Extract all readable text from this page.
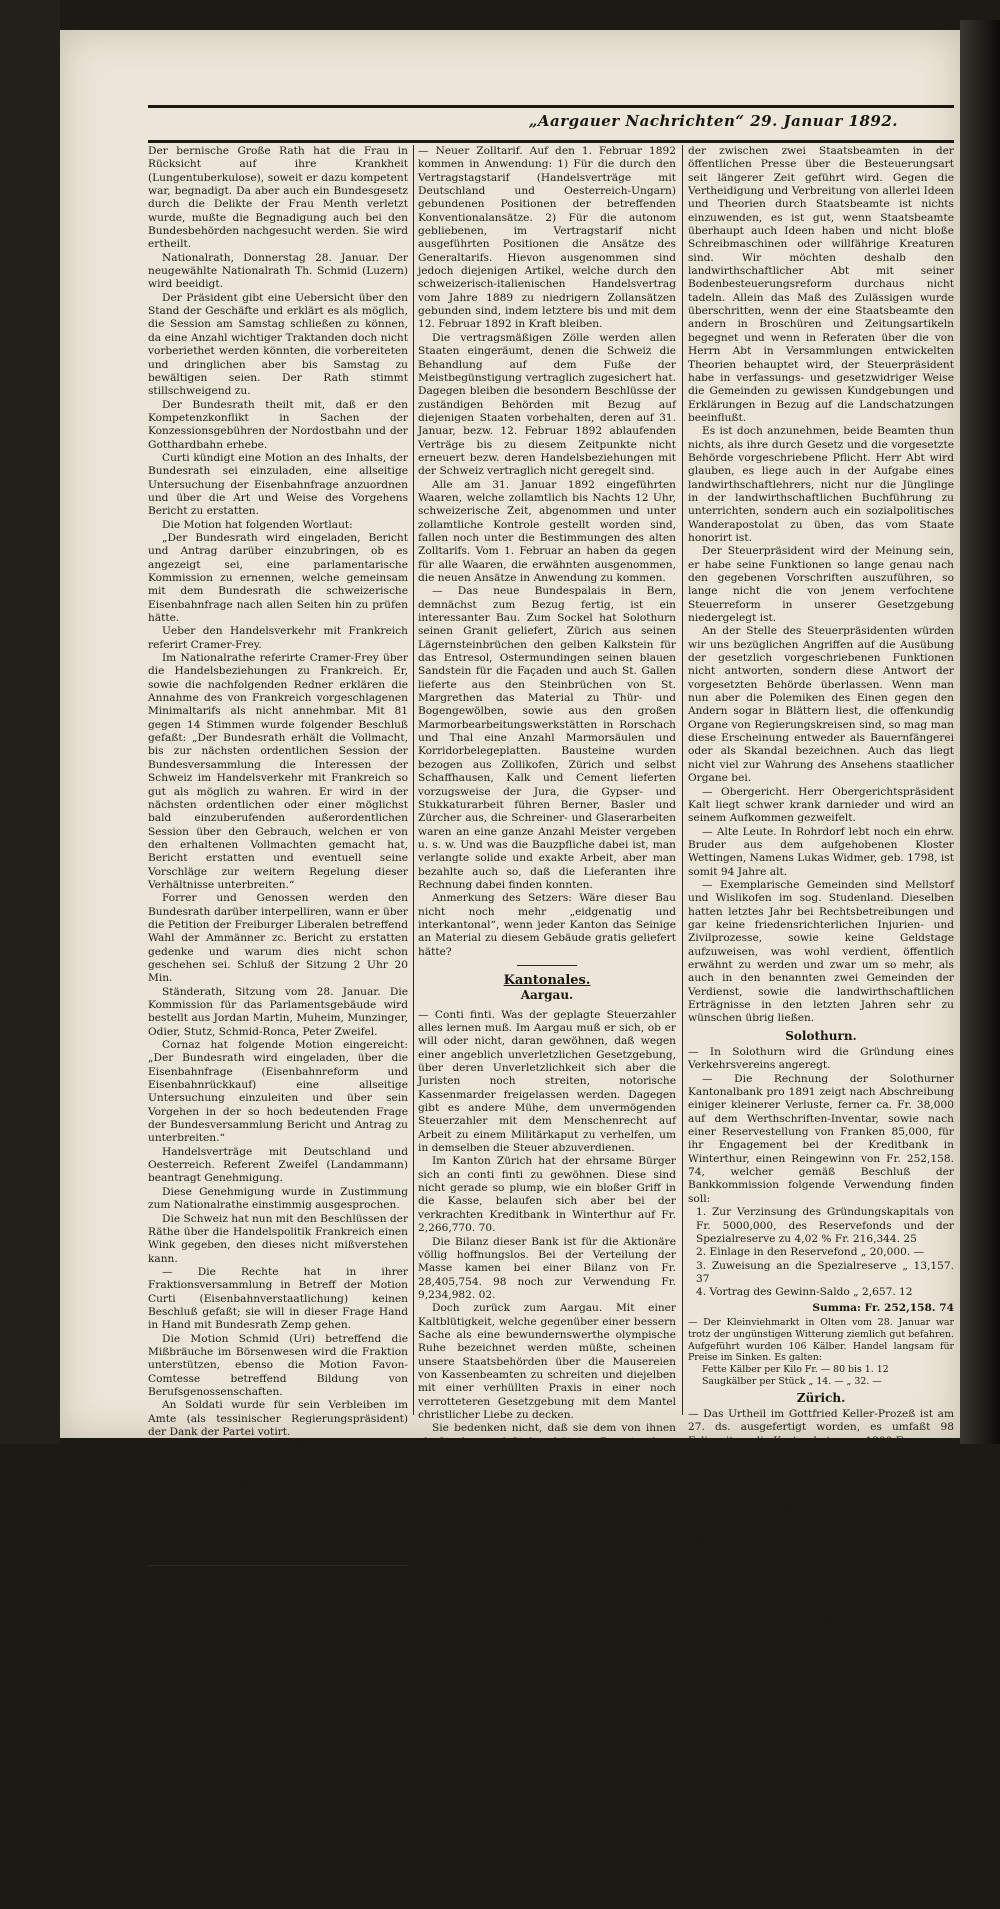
„Aargauer Nachrichten“ 29. Januar 1892.

Der bernische Große Rath hat die Frau in Rücksicht auf ihre Krankheit (Lungentuberkulose), soweit er dazu kompetent war, begnadigt. Da aber auch ein Bundesgesetz durch die Delikte der Frau Menth verletzt wurde, mußte die Begnadigung auch bei den Bundesbehörden nachgesucht werden. Sie wird ertheilt.

Nationalrath, Donnerstag 28. Januar. Der neugewählte Nationalrath Th. Schmid (Luzern) wird beeidigt.

Der Präsident gibt eine Uebersicht über den Stand der Geschäfte und erklärt es als möglich, die Session am Samstag schließen zu können, da eine Anzahl wichtiger Traktanden doch nicht vorberiethet werden könnten, die vorbereiteten und dringlichen aber bis Samstag zu bewältigen seien. Der Rath stimmt stillschweigend zu.

Der Bundesrath theilt mit, daß er den Kompetenzkonflikt in Sachen der Konzessionsgebühren der Nordostbahn und der Gotthardbahn erhebe.

Curti kündigt eine Motion an des Inhalts, der Bundesrath sei einzuladen, eine allseitige Untersuchung der Eisenbahnfrage anzuordnen und über die Art und Weise des Vorgehens Bericht zu erstatten.

Die Motion hat folgenden Wortlaut:

„Der Bundesrath wird eingeladen, Bericht und Antrag darüber einzubringen, ob es angezeigt sei, eine parlamentarische Kommission zu ernennen, welche gemeinsam mit dem Bundesrath die schweizerische Eisenbahnfrage nach allen Seiten hin zu prüfen hätte.

Ueber den Handelsverkehr mit Frankreich referirt Cramer-Frey.

Im Nationalrathe referirte Cramer-Frey über die Handelsbeziehungen zu Frankreich. Er, sowie die nachfolgenden Redner erklären die Annahme des von Frankreich vorgeschlagenen Minimaltarifs als nicht annehmbar. Mit 81 gegen 14 Stimmen wurde folgender Beschluß gefaßt: „Der Bundesrath erhält die Vollmacht, bis zur nächsten ordentlichen Session der Bundesversammlung die Interessen der Schweiz im Handelsverkehr mit Frankreich so gut als möglich zu wahren. Er wird in der nächsten ordentlichen oder einer möglichst bald einzuberufenden außerordentlichen Session über den Gebrauch, welchen er von den erhaltenen Vollmachten gemacht hat, Bericht erstatten und eventuell seine Vorschläge zur weitern Regelung dieser Verhältnisse unterbreiten.“

Forrer und Genossen werden den Bundesrath darüber interpelliren, wann er über die Petition der Freiburger Liberalen betreffend Wahl der Ammänner zc. Bericht zu erstatten gedenke und warum dies nicht schon geschehen sei. Schluß der Sitzung 2 Uhr 20 Min.

Ständerath, Sitzung vom 28. Januar. Die Kommission für das Parlamentsgebäude wird bestellt aus Jordan Martin, Muheim, Munzinger, Odier, Stutz, Schmid-Ronca, Peter Zweifel.

Cornaz hat folgende Motion eingereicht: „Der Bundesrath wird eingeladen, über die Eisenbahnfrage (Eisenbahnreform und Eisenbahnrückkauf) eine allseitige Untersuchung einzuleiten und über sein Vorgehen in der so hoch bedeutenden Frage der Bundesversammlung Bericht und Antrag zu unterbreiten.“

Handelsverträge mit Deutschland und Oesterreich. Referent Zweifel (Landammann) beantragt Genehmigung.

Diese Genehmigung wurde in Zustimmung zum Nationalrathe einstimmig ausgesprochen.

Die Schweiz hat nun mit den Beschlüssen der Räthe über die Handelspolitik Frankreich einen Wink gegeben, den dieses nicht mißverstehen kann.

— Die Rechte hat in ihrer Fraktionsversammlung in Betreff der Motion Curti (Eisenbahnverstaatlichung) keinen Beschluß gefaßt; sie will in dieser Frage Hand in Hand mit Bundesrath Zemp gehen.

Die Motion Schmid (Uri) betreffend die Mißbräuche im Börsenwesen wird die Fraktion unterstützen, ebenso die Motion Favon-Comtesse betreffend Bildung von Berufsgenossenschaften.

An Soldati wurde für sein Verbleiben im Amte (als tessinischer Regierungspräsident) der Dank der Partei votirt.

— Bundesstadt. Die Linke hielt am 28. d. eine Gruppenversammlung ab. Es wurde eine Motion angenommen, die dahin geht, vom Bundesrath Auskunft darüber zu verlangen, was er in Sachen der Eisenbahnverstaatlichung vorzukehren gedenke.

Die Einsetzung eines parlamentarischen Eisenbahnausschusses, wie Curti ihn vorgeschlagen hatte, wurde abgelehnt.

früheren Realisirung seines Rachplanes — und die Ausführung war der Zweck seiner Rückkehr, die er nicht um einen Tag verschieben wollte. Man hat constatirt, daß er erst Morgens das Zuchthaus verließ.

Marie saß, in ihren Divan zurückgelehnt, unbeweglich da. Ihr Auge hing mit dem Ausdruck eines starren Schreckens auf den Lippen ihres Vaters, der im Eifer seiner Rede gar nicht bemerkte, welchen mächtigen Eindruck dieselbe auf seine Zuhörerin äußerte. Er war ganz von der Empfindung seines Abscheus erfüllt.

„Ja, man muß die bittersten Erfahrungen im Leben machen, um seine unglückseligen Täuschungen, Erfahrungen, die einem Graukopfe, wie mir, neu sind und deshalb doppelt schmerzlich und verbitternd wirken! — Weißt Du, wer heute Morgen die Ursache jenes Brandes war, der den armen Mann von den entsetzlichsten Folgen hätte begleitet sein können? — Weißt Du, wer dieses Feuer in boshaftester Absicht, nach einem wohlüberdachten Rachplane, gelegt hat?“

Marie sprang rasch von ihrem Sitze auf. Sie wußte genau, was sie für eine Antwort auf diese so unerwartete Frage in der Erbitterung ihres Vaters geben würde, die er täuschte doch so gräßlich, als wollte ihr Leben an der Entscheidung der Antwort hängen. Herr Sendler erschrack über den unheimlichen Ausdruck ihres Gesichtes und ängstlich sah er sie an.

— Neuer Zolltarif. Auf den 1. Februar 1892 kommen in Anwendung: 1) Für die durch den Vertragstagstarif (Handelsverträge mit Deutschland und Oesterreich-Ungarn) gebundenen Positionen der betreffenden Konventionalansätze. 2) Für die autonom gebliebenen, im Vertragstarif nicht ausgeführten Positionen die Ansätze des Generaltarifs. Hievon ausgenommen sind jedoch diejenigen Artikel, welche durch den schweizerisch-italienischen Handelsvertrag vom Jahre 1889 zu niedrigern Zollansätzen gebunden sind, indem letztere bis und mit dem 12. Februar 1892 in Kraft bleiben.

Die vertragsmäßigen Zölle werden allen Staaten eingeräumt, denen die Schweiz die Behandlung auf dem Fuße der Meistbegünstigung vertraglich zugesichert hat. Dagegen bleiben die besondern Beschlüsse der zuständigen Behörden mit Bezug auf diejenigen Staaten vorbehalten, deren auf 31. Januar, bezw. 12. Februar 1892 ablaufenden Verträge bis zu diesem Zeitpunkte nicht erneuert bezw. deren Handelsbeziehungen mit der Schweiz vertraglich nicht geregelt sind.

Alle am 31. Januar 1892 eingeführten Waaren, welche zollamtlich bis Nachts 12 Uhr, schweizerische Zeit, abgenommen und unter zollamtliche Kontrole gestellt worden sind, fallen noch unter die Bestimmungen des alten Zolltarifs. Vom 1. Februar an haben da gegen für alle Waaren, die erwähnten ausgenommen, die neuen Ansätze in Anwendung zu kommen.

— Das neue Bundespalais in Bern, demnächst zum Bezug fertig, ist ein interessanter Bau. Zum Sockel hat Solothurn seinen Granit geliefert, Zürich aus seinen Lägernsteinbrüchen den gelben Kalkstein für das Entresol, Ostermundingen seinen blauen Sandstein für die Façaden und auch St. Gallen lieferte aus den Steinbrüchen von St. Margrethen das Material zu Thür- und Bogengewölben, sowie aus den großen Marmorbearbeitungswerkstätten in Rorschach und Thal eine Anzahl Marmorsäulen und Korridorbelegeplatten. Bausteine wurden bezogen aus Zollikofen, Zürich und selbst Schaffhausen, Kalk und Cement lieferten vorzugsweise der Jura, die Gypser- und Stukkaturarbeit führen Berner, Basler und Zürcher aus, die Schreiner- und Glaserarbeiten waren an eine ganze Anzahl Meister vergeben u. s. w. Und was die Bauzpfliche dabei ist, man verlangte solide und exakte Arbeit, aber man bezahlte auch so, daß die Lieferanten ihre Rechnung dabei finden konnten.

Anmerkung des Setzers: Wäre dieser Bau nicht noch mehr „eidgenatig und interkantonal“, wenn jeder Kanton das Seinige an Material zu diesem Gebäude gratis geliefert hätte?

Kantonales.
Aargau.

— Conti finti. Was der geplagte Steuerzahler alles lernen muß. Im Aargau muß er sich, ob er will oder nicht, daran gewöhnen, daß wegen einer angeblich unverletzlichen Gesetzgebung, über deren Unverletzlichkeit sich aber die Juristen noch streiten, notorische Kassenmarder freigelassen werden. Dagegen gibt es andere Mühe, dem unvermögenden Steuerzahler mit dem Menschenrecht auf Arbeit zu einem Militärkaput zu verhelfen, um in demselben die Steuer abzuverdienen.

Im Kanton Zürich hat der ehrsame Bürger sich an conti finti zu gewöhnen. Diese sind nicht gerade so plump, wie ein bloßer Griff in die Kasse, belaufen sich aber bei der verkrachten Kreditbank in Winterthur auf Fr. 2,266,770. 70.

Die Bilanz dieser Bank ist für die Aktionäre völlig hoffnungslos. Bei der Verteilung der Masse kamen bei einer Bilanz von Fr. 28,405,754. 98 noch zur Verwendung Fr. 9,234,982. 02.

Doch zurück zum Aargau. Mit einer Kaltblütigkeit, welche gegenüber einer bessern Sache als eine bewundernswerthe olympische Ruhe bezeichnet werden müßte, scheinen unsere Staatsbehörden über die Mausereien von Kassenbeamten zu schreiten und diejelben mit einer verhüllten Praxis in einer noch verrotteteren Gesetzgebung mit dem Mantel christlicher Liebe zu decken.

Sie bedenken nicht, daß sie dem von ihnen als Stecken und Stab gehüteten Beamtenthum hiemit einen so schlechten Dienst erweisen, wie ihn der ärgste Gegner der Beamten nicht üben könnte. Sie bedenken nicht, daß unter den heurigen Verhältnissen, wo es im Volk draußen über diese Geschichten grollt und wie das Volk hier raschere Abhülfe will, als in einer an sich ja zweckmäßigen, aber lange nicht so bringlichen Frage, wie eine solche z. B. die Reglementirung der Naturalverpflegung ist.

In diesem Punkte weiß sich am Ende jeder Bürger ohne einen Verpflegungssport zu kultiviren, gegenüber fahrenden Strolchen selbst zu helfen, indem er ihnen die Thüre weist, oder sie zur Arbeit selbst anhält.

Conti finti! Es ließen uns schreiben vor, nach welchen bei den letzten Steuerzahlungen mancher Steuerzahler seiner Entrüstung in den Worten Luft machte: „Welcher Beamte wird meine Quote mausen?“

Wie sind auf einem gefährlichen Punkt angelangt, auf dem Punkte, wo das Ansehen der staatlichen Organe zu schwinden droht. Unser Große Rath hat schon manchen Tag mit nichtigern Dingen zugebracht, als z. B. eine Beschäftigung mit den oben berührten Angelegenheiten wäre. Es ist seine Pflicht, hierin rasch und entschieden etwas zu thun.

Conti finti! Ebenso Aufsehen macht der Streit,

der zwischen zwei Staatsbeamten in der öffentlichen Presse über die Besteuerungsart seit längerer Zeit geführt wird. Gegen die Vertheidigung und Verbreitung von allerlei Ideen und Theorien durch Staatsbeamte ist nichts einzuwenden, es ist gut, wenn Staatsbeamte überhaupt auch Ideen haben und nicht bloße Schreibmaschinen oder willfährige Kreaturen sind. Wir möchten deshalb den landwirthschaftlicher Abt mit seiner Bodenbesteuerungsreform durchaus nicht tadeln. Allein das Maß des Zulässigen wurde überschritten, wenn der eine Staatsbeamte den andern in Broschüren und Zeitungsartikeln begegnet und wenn in Referaten über die von Herrn Abt in Versammlungen entwickelten Theorien behauptet wird, der Steuerpräsident habe in verfassungs- und gesetzwidriger Weise die Gemeinden zu gewissen Kundgebungen und Erklärungen in Bezug auf die Landschatzungen beeinflußt.

Es ist doch anzunehmen, beide Beamten thun nichts, als ihre durch Gesetz und die vorgesetzte Behörde vorgeschriebene Pflicht. Herr Abt wird glauben, es liege auch in der Aufgabe eines landwirthschaftlehrers, nicht nur die Jünglinge in der landwirthschaftlichen Buchführung zu unterrichten, sondern auch ein sozialpolitisches Wanderapostolat zu üben, das vom Staate honorirt ist.

Der Steuerpräsident wird der Meinung sein, er habe seine Funktionen so lange genau nach den gegebenen Vorschriften auszuführen, so lange nicht die von jenem verfochtene Steuerreform in unserer Gesetzgebung niedergelegt ist.

An der Stelle des Steuerpräsidenten würden wir uns bezüglichen Angriffen auf die Ausübung der gesetzlich vorgeschriebenen Funktionen nicht antworten, sondern diese Antwort der vorgesetzten Behörde überlassen. Wenn man nun aber die Polemiken des Einen gegen den Andern sogar in Blättern liest, die offenkundig Organe von Regierungskreisen sind, so mag man diese Erscheinung entweder als Bauernfängerei oder als Skandal bezeichnen. Auch das liegt nicht viel zur Wahrung des Ansehens staatlicher Organe bei.

— Obergericht. Herr Obergerichtspräsident Kalt liegt schwer krank darnieder und wird an seinem Aufkommen gezweifelt.

— Alte Leute. In Rohrdorf lebt noch ein ehrw. Bruder aus dem aufgehobenen Kloster Wettingen, Namens Lukas Widmer, geb. 1798, ist somit 94 Jahre alt.

— Exemplarische Gemeinden sind Mellstorf und Wislikofen im sog. Studenland. Dieselben hatten letztes Jahr bei Rechtsbetreibungen und gar keine friedensrichterlichen Injurien- und Zivilprozesse, sowie keine Geldstage aufzuweisen, was wohl verdient, öffentlich erwähnt zu werden und zwar um so mehr, als auch in den benannten zwei Gemeinden der Verdienst, sowie die landwirthschaftlichen Erträgnisse in den letzten Jahren sehr zu wünschen übrig ließen.

Solothurn.

— In Solothurn wird die Gründung eines Verkehrsvereins angeregt.

— Die Rechnung der Solothurner Kantonalbank pro 1891 zeigt nach Abschreibung einiger kleinerer Verluste, ferner ca. Fr. 38,000 auf dem Werthschriften-Inventar, sowie nach einer Reservestellung von Franken 85,000, für ihr Engagement bei der Kreditbank in Winterthur, einen Reingewinn von Fr. 252,158. 74, welcher gemäß Beschluß der Bankkommission folgende Verwendung finden soll:

1. Zur Verzinsung des Gründungskapitals von Fr. 5000,000, des Reservefonds und der Spezialreserve zu 4,02 % Fr. 216,344. 25

2. Einlage in den Reservefond „ 20,000. —

3. Zuweisung an die Spezialreserve „ 13,157. 37

4. Vortrag des Gewinn-Saldo „ 2,657. 12

Summa: Fr. 252,158. 74

— Der Kleinviehmarkt in Olten vom 28. Januar war trotz der ungünstigen Witterung ziemlich gut befahren. Aufgeführt wurden 106 Kälber. Handel langsam für Preise im Sinken. Es galten:

Fette Kälber per Kilo Fr. — 80 bis 1. 12

Saugkälber per Stück „ 14. — „ 32. —

Zürich.

— Das Urtheil im Gottfried Keller-Prozeß ist am 27. ds. ausgefertigt worden, es umfaßt 98 Folioseiten, die Kosten betragen 1300 Fr.

— Der Bankrath hat das Gesuch des Bauernbundes, die Kantonalbank solle den Zinsfuß für Hypothekar-Darlehen von 4 auf 3½ % herabsetzen, abgewiesen.

Baselstadt.

— Die Redaktion der „Basler Nachr.“ hat die 1885 bewohnten Räumlichkeiten am Gerbergäßlein verlassen, wo sie den zweiten Stock einnimmt. Zur Verbindung der Redaktion, des Verlegers und des Faktors mit der Druckerei ist auf die Länge von 15 Meter eine Rohrpost eingerichtet, die auf pneumatischem Wege Korrespondenzen, Manuskripte und Korrekturen im Zeitraum von 3 Sekunden vom Vorderhaus in's Hinterhaus befördert. Die Rohrpost, mit der im Oberhofital die einzige in der Stadt, von Herrn Mechaniker Fr. Klingelfuß verfertigt, funktionire ausgezeichnet.

Wallis.

— Deutsche Arbeiter aus Lindau, an der Rhone-
